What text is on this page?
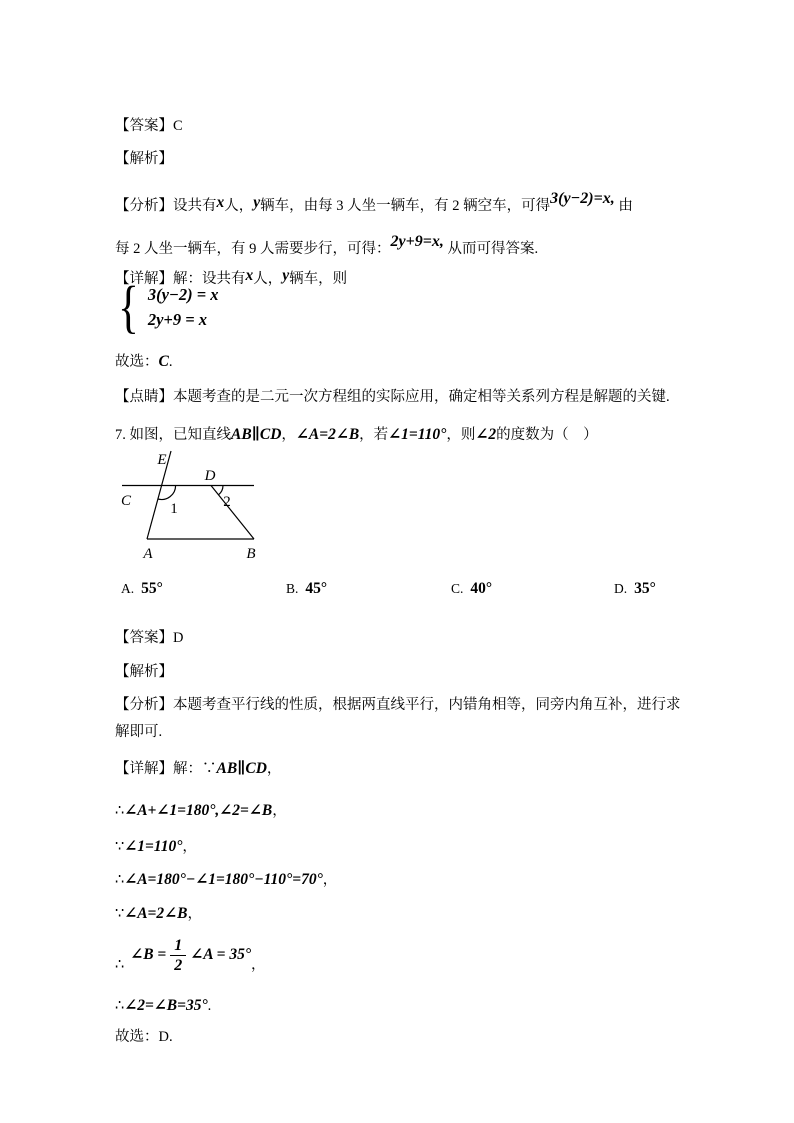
【答案】C

【解析】

【分析】设共有x人，y辆车，由每 3 人坐一辆车，有 2 辆空车，可得3(y−2)=x, 由

每 2 人坐一辆车，有 9 人需要步行，可得：2y+9=x, 从而可得答案.

【详解】解：设共有x人，y辆车，则

{ 3(y−2) = x
2y+9 = x

故选：C.

【点睛】本题考查的是二元一次方程组的实际应用，确定相等关系列方程是解题的关键.

7. 如图，已知直线AB∥CD，∠A=2∠B，若∠1=110°，则∠2的度数为（　）

E
C
D
A	B
1	2
A. 55°	B. 45°	C. 40°	D. 35°

【答案】D

【解析】

【分析】本题考查平行线的性质，根据两直线平行，内错角相等，同旁内角互补，进行求

解即可.

【详解】解：∵AB∥CD，

∴∠A+∠1=180°,∠2=∠B，

∵∠1=110°，

∴∠A=180°−∠1=180°−110°=70°，

∵∠A=2∠B，

∴
∠B = $\frac{1}{2}$ ∠A = 35°
，

∴∠2=∠B=35°.

故选：D.
